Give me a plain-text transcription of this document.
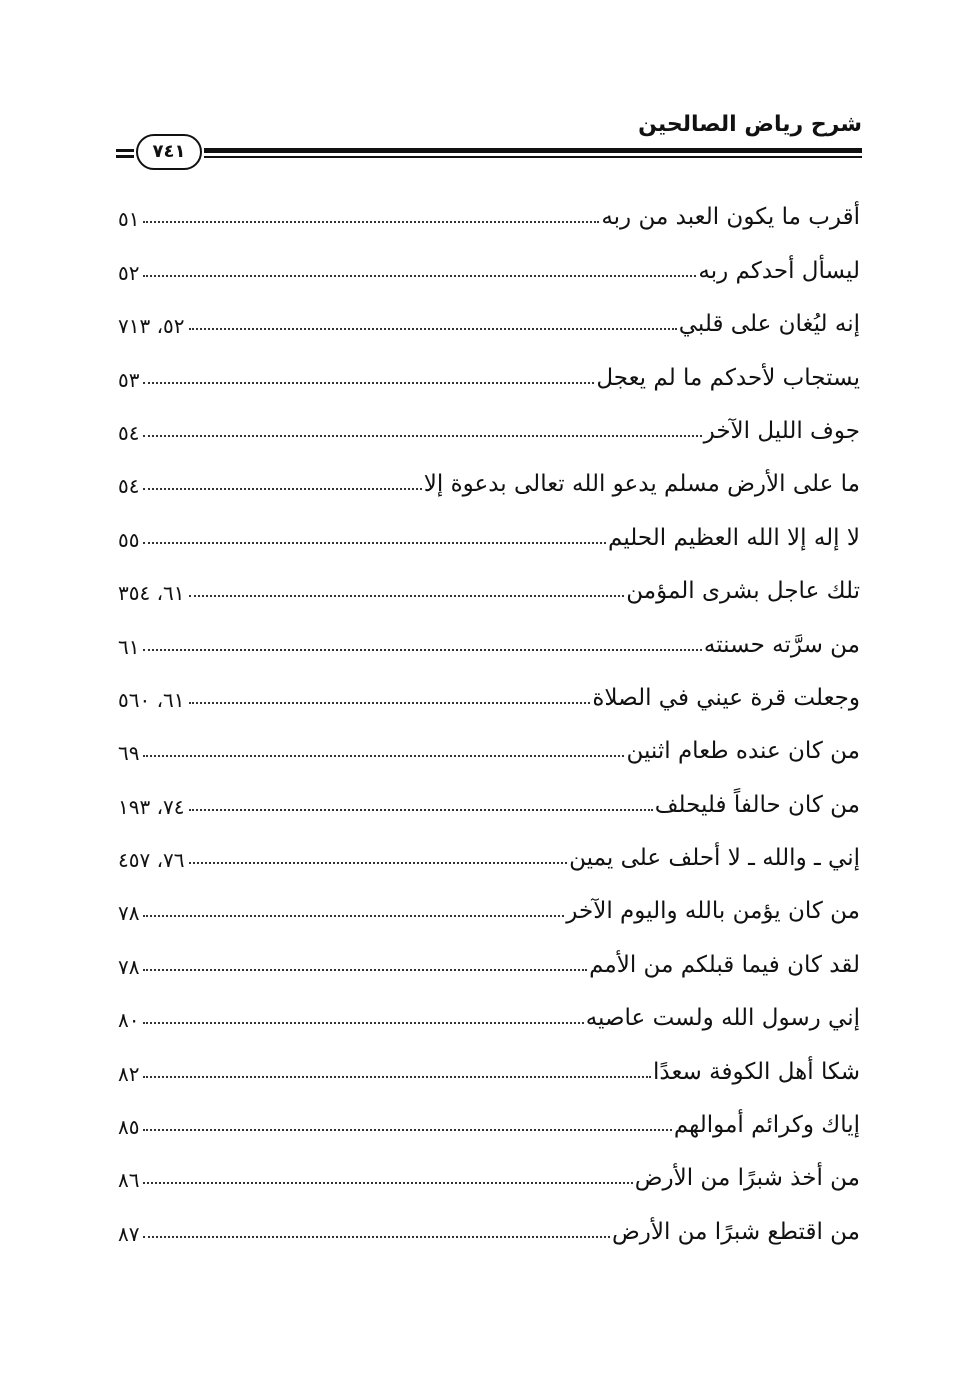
شرح رياض الصالحين
٧٤١
أقرب ما يكون العبد من ربه
٥١
ليسأل أحدكم ربه
٥٢
إنه ليُغان على قلبي
٥٢، ٧١٣
يستجاب لأحدكم ما لم يعجل
٥٣
جوف الليل الآخر
٥٤
ما على الأرض مسلم يدعو الله تعالى بدعوة إلا
٥٤
لا إله إلا الله العظيم الحليم
٥٥
تلك عاجل بشرى المؤمن
٦١، ٣٥٤
من سرَّته حسنته
٦١
وجعلت قرة عيني في الصلاة
٦١، ٥٦٠
من كان عنده طعام اثنين
٦٩
من كان حالفاً فليحلف
٧٤، ١٩٣
إني ـ والله ـ لا أحلف على يمين
٧٦، ٤٥٧
من كان يؤمن بالله واليوم الآخر
٧٨
لقد كان فيما قبلكم من الأمم
٧٨
إني رسول الله ولست عاصيه
٨٠
شكا أهل الكوفة سعدًا
٨٢
إياك وكرائم أموالهم
٨٥
من أخذ شبرًا من الأرض
٨٦
من اقتطع شبرًا من الأرض
٨٧
